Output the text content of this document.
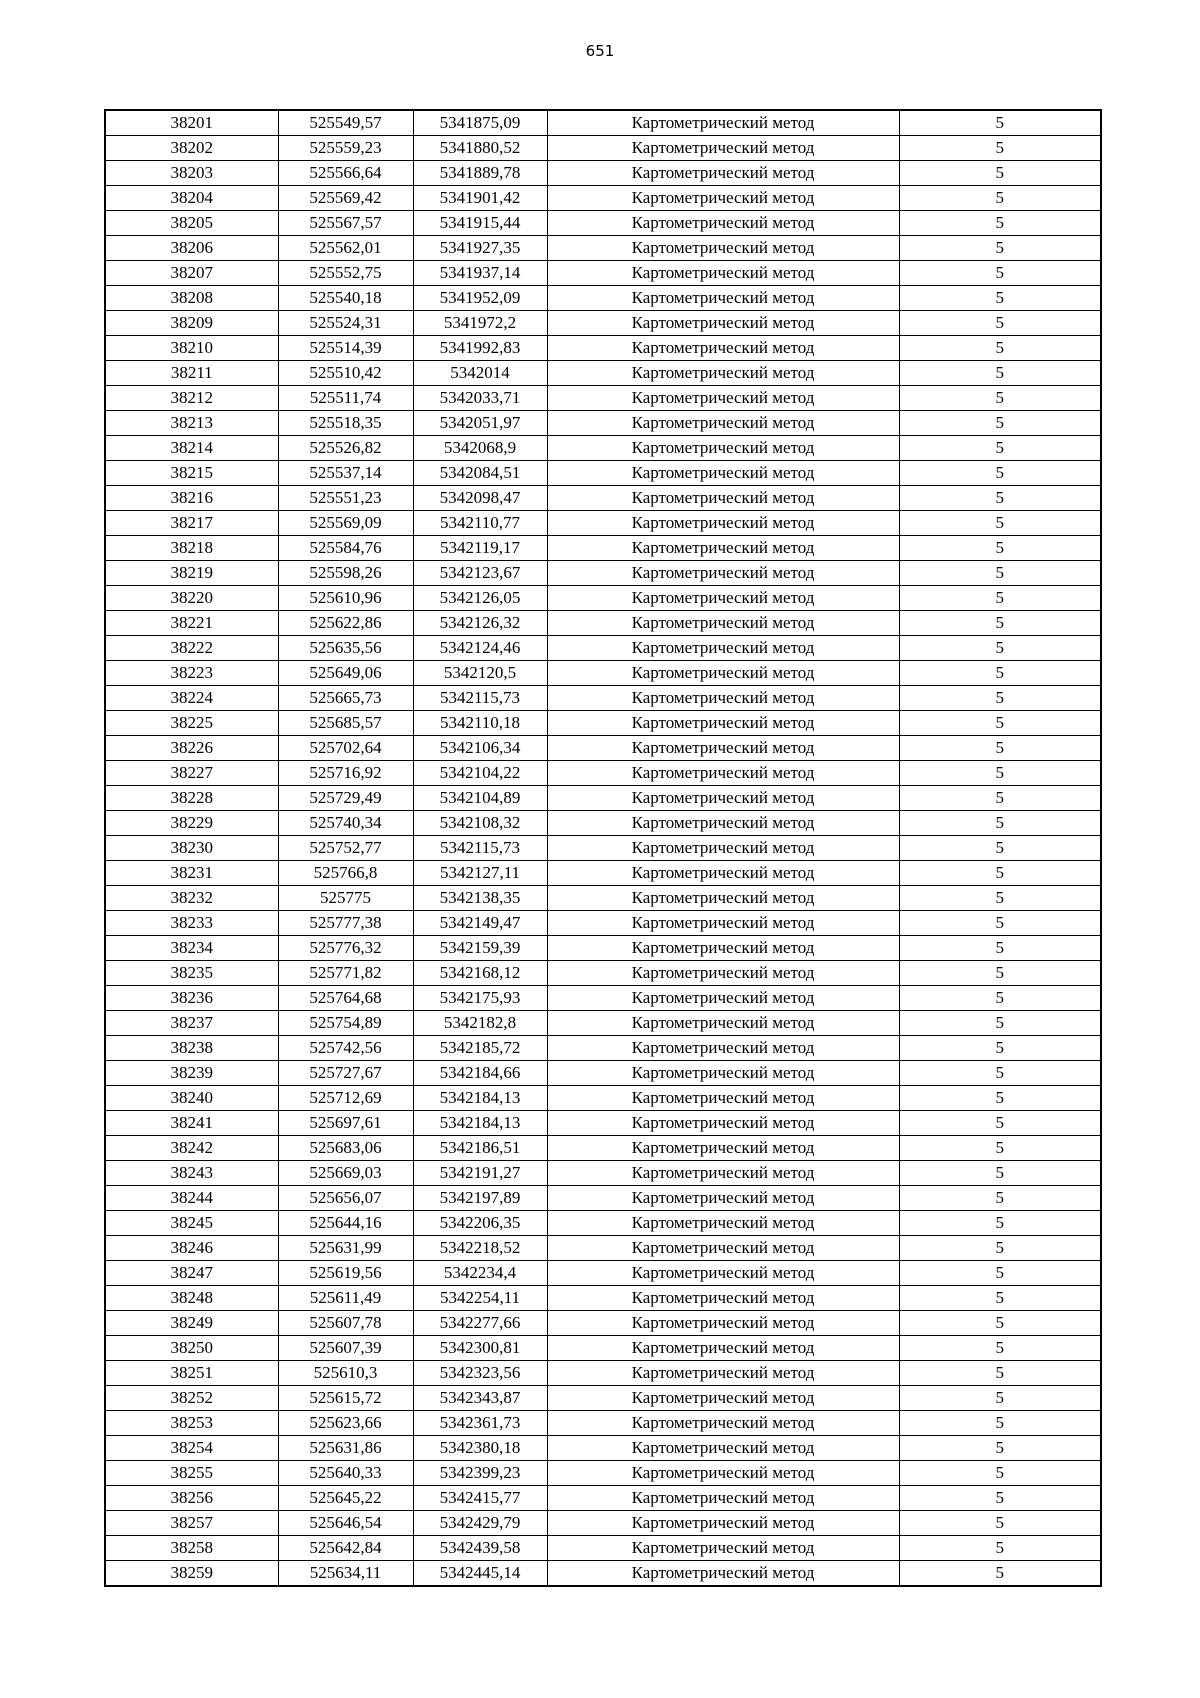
651
38201	525549,57	5341875,09	Картометрический метод	5
38202	525559,23	5341880,52	Картометрический метод	5
38203	525566,64	5341889,78	Картометрический метод	5
38204	525569,42	5341901,42	Картометрический метод	5
38205	525567,57	5341915,44	Картометрический метод	5
38206	525562,01	5341927,35	Картометрический метод	5
38207	525552,75	5341937,14	Картометрический метод	5
38208	525540,18	5341952,09	Картометрический метод	5
38209	525524,31	5341972,2	Картометрический метод	5
38210	525514,39	5341992,83	Картометрический метод	5
38211	525510,42	5342014	Картометрический метод	5
38212	525511,74	5342033,71	Картометрический метод	5
38213	525518,35	5342051,97	Картометрический метод	5
38214	525526,82	5342068,9	Картометрический метод	5
38215	525537,14	5342084,51	Картометрический метод	5
38216	525551,23	5342098,47	Картометрический метод	5
38217	525569,09	5342110,77	Картометрический метод	5
38218	525584,76	5342119,17	Картометрический метод	5
38219	525598,26	5342123,67	Картометрический метод	5
38220	525610,96	5342126,05	Картометрический метод	5
38221	525622,86	5342126,32	Картометрический метод	5
38222	525635,56	5342124,46	Картометрический метод	5
38223	525649,06	5342120,5	Картометрический метод	5
38224	525665,73	5342115,73	Картометрический метод	5
38225	525685,57	5342110,18	Картометрический метод	5
38226	525702,64	5342106,34	Картометрический метод	5
38227	525716,92	5342104,22	Картометрический метод	5
38228	525729,49	5342104,89	Картометрический метод	5
38229	525740,34	5342108,32	Картометрический метод	5
38230	525752,77	5342115,73	Картометрический метод	5
38231	525766,8	5342127,11	Картометрический метод	5
38232	525775	5342138,35	Картометрический метод	5
38233	525777,38	5342149,47	Картометрический метод	5
38234	525776,32	5342159,39	Картометрический метод	5
38235	525771,82	5342168,12	Картометрический метод	5
38236	525764,68	5342175,93	Картометрический метод	5
38237	525754,89	5342182,8	Картометрический метод	5
38238	525742,56	5342185,72	Картометрический метод	5
38239	525727,67	5342184,66	Картометрический метод	5
38240	525712,69	5342184,13	Картометрический метод	5
38241	525697,61	5342184,13	Картометрический метод	5
38242	525683,06	5342186,51	Картометрический метод	5
38243	525669,03	5342191,27	Картометрический метод	5
38244	525656,07	5342197,89	Картометрический метод	5
38245	525644,16	5342206,35	Картометрический метод	5
38246	525631,99	5342218,52	Картометрический метод	5
38247	525619,56	5342234,4	Картометрический метод	5
38248	525611,49	5342254,11	Картометрический метод	5
38249	525607,78	5342277,66	Картометрический метод	5
38250	525607,39	5342300,81	Картометрический метод	5
38251	525610,3	5342323,56	Картометрический метод	5
38252	525615,72	5342343,87	Картометрический метод	5
38253	525623,66	5342361,73	Картометрический метод	5
38254	525631,86	5342380,18	Картометрический метод	5
38255	525640,33	5342399,23	Картометрический метод	5
38256	525645,22	5342415,77	Картометрический метод	5
38257	525646,54	5342429,79	Картометрический метод	5
38258	525642,84	5342439,58	Картометрический метод	5
38259	525634,11	5342445,14	Картометрический метод	5
